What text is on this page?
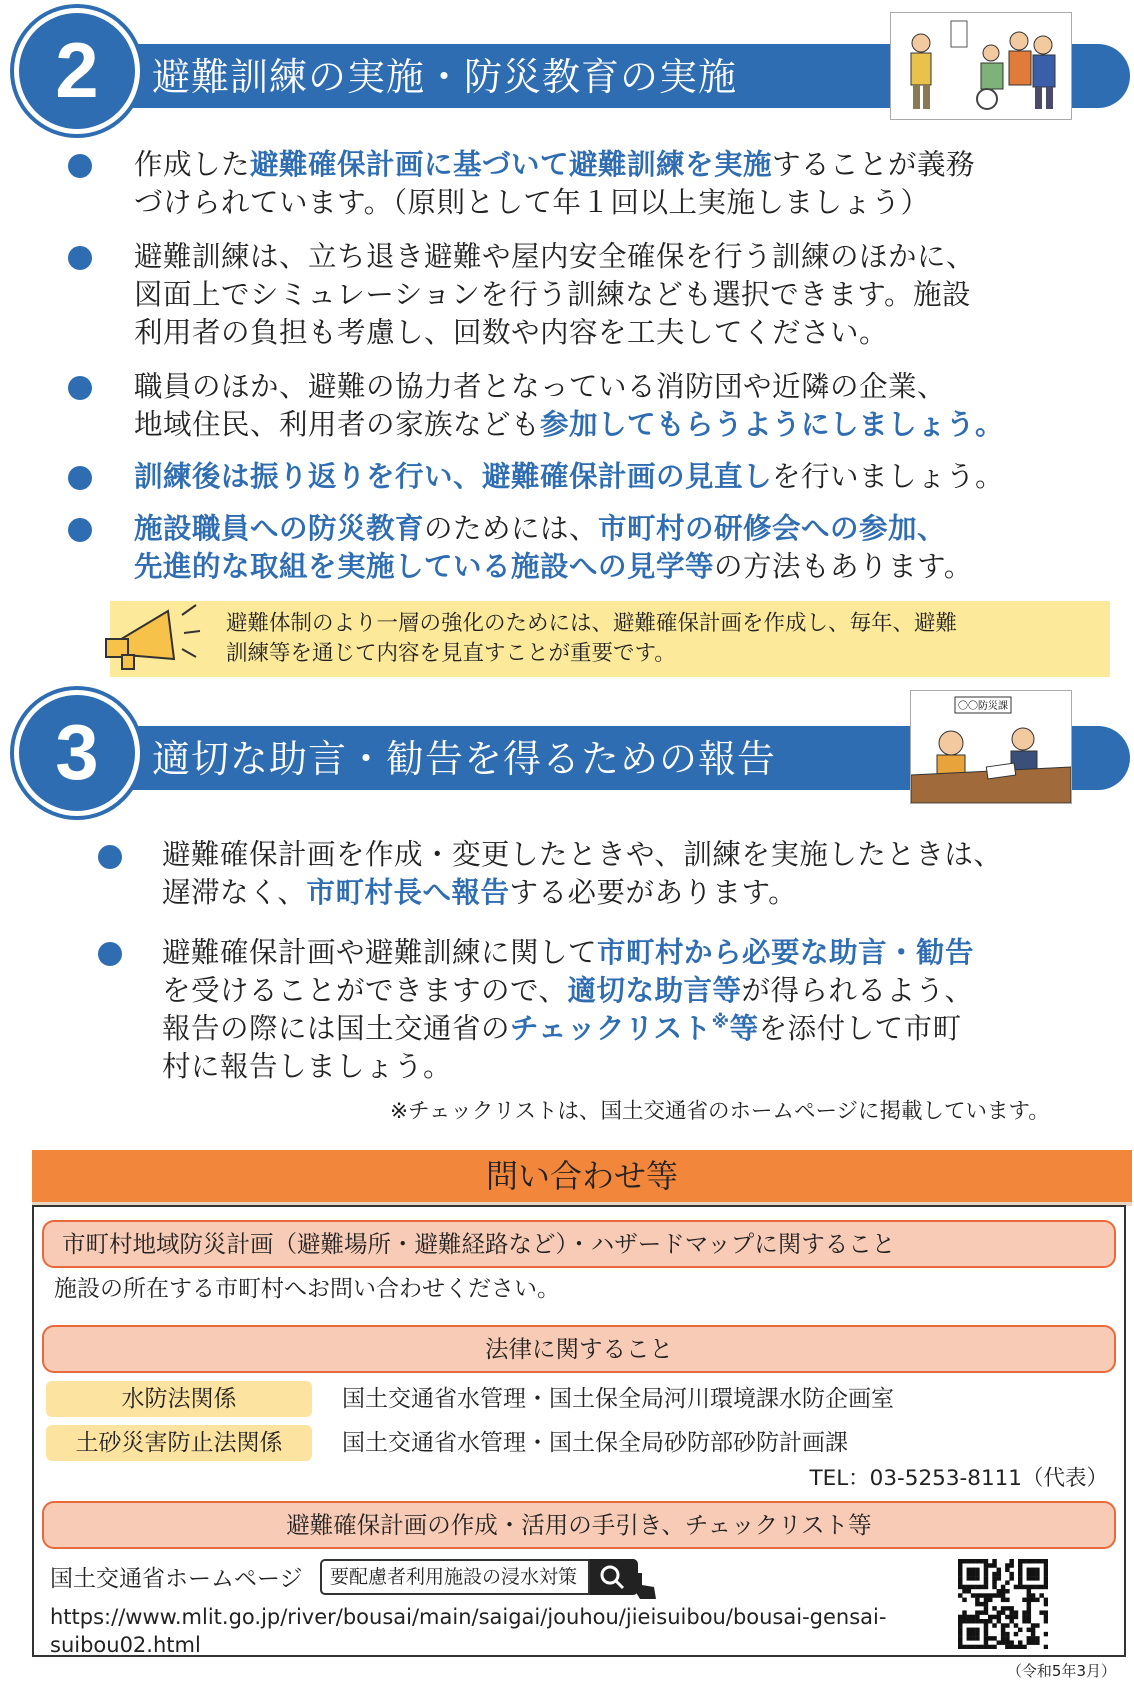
2	避難訓練の実施・防災教育の実施
作成した避難確保計画に基づいて避難訓練を実施することが義務
づけられています。（原則として年１回以上実施しましょう）
避難訓練は、立ち退き避難や屋内安全確保を行う訓練のほかに、
図面上でシミュレーションを行う訓練なども選択できます。施設
利用者の負担も考慮し、回数や内容を工夫してください。
職員のほか、避難の協力者となっている消防団や近隣の企業、
地域住民、利用者の家族なども参加してもらうようにしましょう。
訓練後は振り返りを行い、避難確保計画の見直しを行いましょう。
施設職員への防災教育のためには、市町村の研修会への参加、
先進的な取組を実施している施設への見学等の方法もあります。
避難体制のより一層の強化のためには、避難確保計画を作成し、毎年、避難
訓練等を通じて内容を見直すことが重要です。
3	適切な助言・勧告を得るための報告
〇〇防災課
避難確保計画を作成・変更したときや、訓練を実施したときは、
遅滞なく、市町村長へ報告する必要があります。
避難確保計画や避難訓練に関して市町村から必要な助言・勧告
を受けることができますので、適切な助言等が得られるよう、
報告の際には国土交通省のチェックリスト※等を添付して市町
村に報告しましょう。
※チェックリストは、国土交通省のホームページに掲載しています。
問い合わせ等
市町村地域防災計画（避難場所・避難経路など）・ハザードマップに関すること
施設の所在する市町村へお問い合わせください。
法律に関すること
水防法関係	国土交通省水管理・国土保全局河川環境課水防企画室
土砂災害防止法関係	国土交通省水管理・国土保全局砂防部砂防計画課
TEL：03-5253-8111（代表）
避難確保計画の作成・活用の手引き、チェックリスト等
国土交通省ホームページ 要配慮者利用施設の浸水対策
https://www.mlit.go.jp/river/bousai/main/saigai/jouhou/jieisuibou/bousai-gensai-
suibou02.html
（令和5年3月）
